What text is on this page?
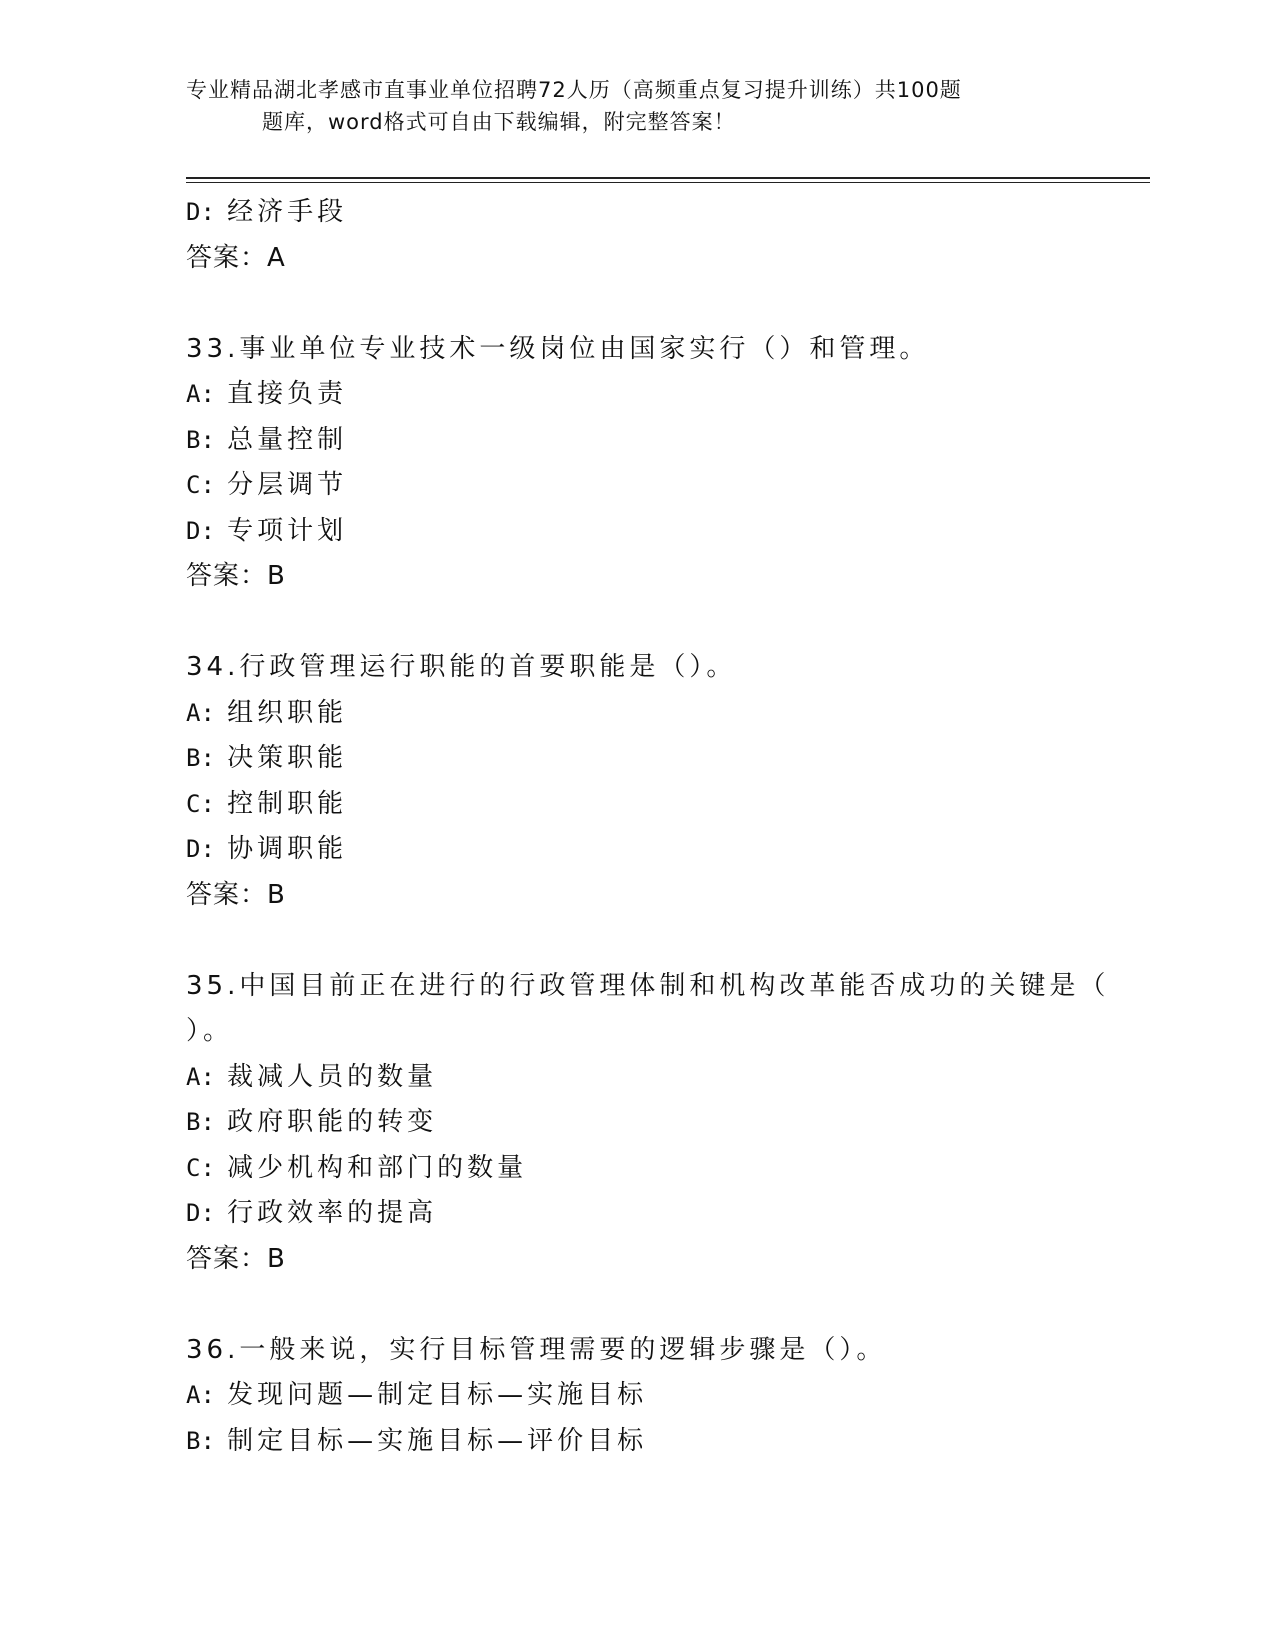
专业精品湖北孝感市直事业单位招聘72人历（高频重点复习提升训练）共100题
题库，word格式可自由下载编辑，附完整答案！
D: 经济手段
答案：A
33.事业单位专业技术一级岗位由国家实行（）和管理。
A: 直接负责
B: 总量控制
C: 分层调节
D: 专项计划
答案：B
34.行政管理运行职能的首要职能是（）。
A: 组织职能
B: 决策职能
C: 控制职能
D: 协调职能
答案：B
35.中国目前正在进行的行政管理体制和机构改革能否成功的关键是（
）。
A: 裁减人员的数量
B: 政府职能的转变
C: 减少机构和部门的数量
D: 行政效率的提高
答案：B
36.一般来说，实行目标管理需要的逻辑步骤是（）。
A: 发现问题—制定目标—实施目标
B: 制定目标—实施目标—评价目标
